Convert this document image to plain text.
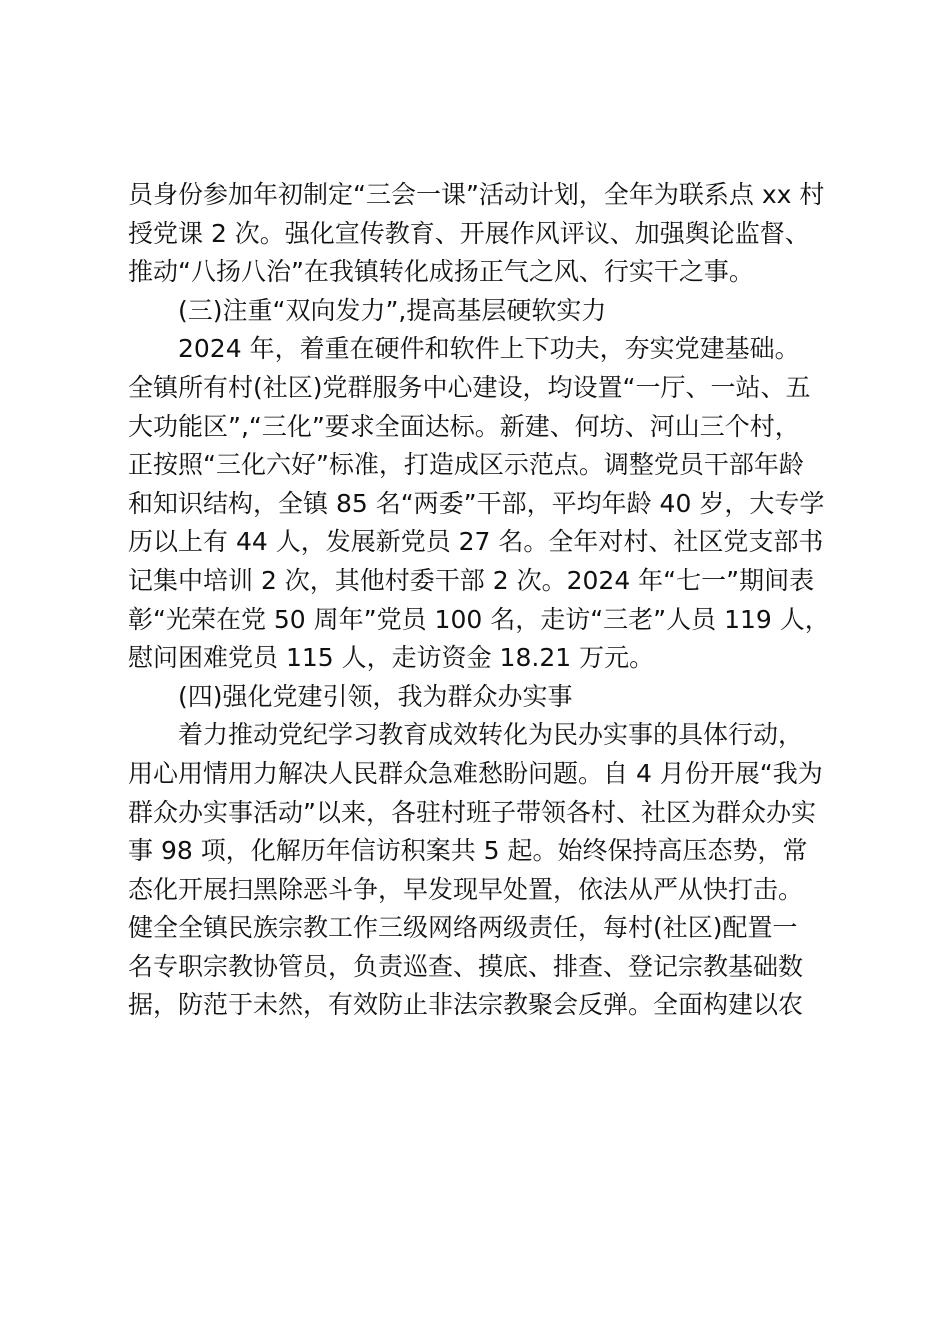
员身份参加年初制定“三会一课”活动计划，全年为联系点 xx 村
授党课 2 次。强化宣传教育、开展作风评议、加强舆论监督、
推动“八扬八治”在我镇转化成扬正气之风、行实干之事。
(三)注重“双向发力”,提高基层硬软实力
2024 年，着重在硬件和软件上下功夫，夯实党建基础。
全镇所有村(社区)党群服务中心建设，均设置“一厅、一站、五
大功能区”,“三化”要求全面达标。新建、何坊、河山三个村，
正按照“三化六好”标准，打造成区示范点。调整党员干部年龄
和知识结构，全镇 85 名“两委”干部，平均年龄 40 岁，大专学
历以上有 44 人，发展新党员 27 名。全年对村、社区党支部书
记集中培训 2 次，其他村委干部 2 次。2024 年“七一”期间表
彰“光荣在党 50 周年”党员 100 名，走访“三老”人员 119 人，
慰问困难党员 115 人，走访资金 18.21 万元。
(四)强化党建引领，我为群众办实事
着力推动党纪学习教育成效转化为民办实事的具体行动，
用心用情用力解决人民群众急难愁盼问题。自 4 月份开展“我为
群众办实事活动”以来，各驻村班子带领各村、社区为群众办实
事 98 项，化解历年信访积案共 5 起。始终保持高压态势，常
态化开展扫黑除恶斗争，早发现早处置，依法从严从快打击。
健全全镇民族宗教工作三级网络两级责任，每村(社区)配置一
名专职宗教协管员，负责巡查、摸底、排查、登记宗教基础数
据，防范于未然，有效防止非法宗教聚会反弹。全面构建以农
